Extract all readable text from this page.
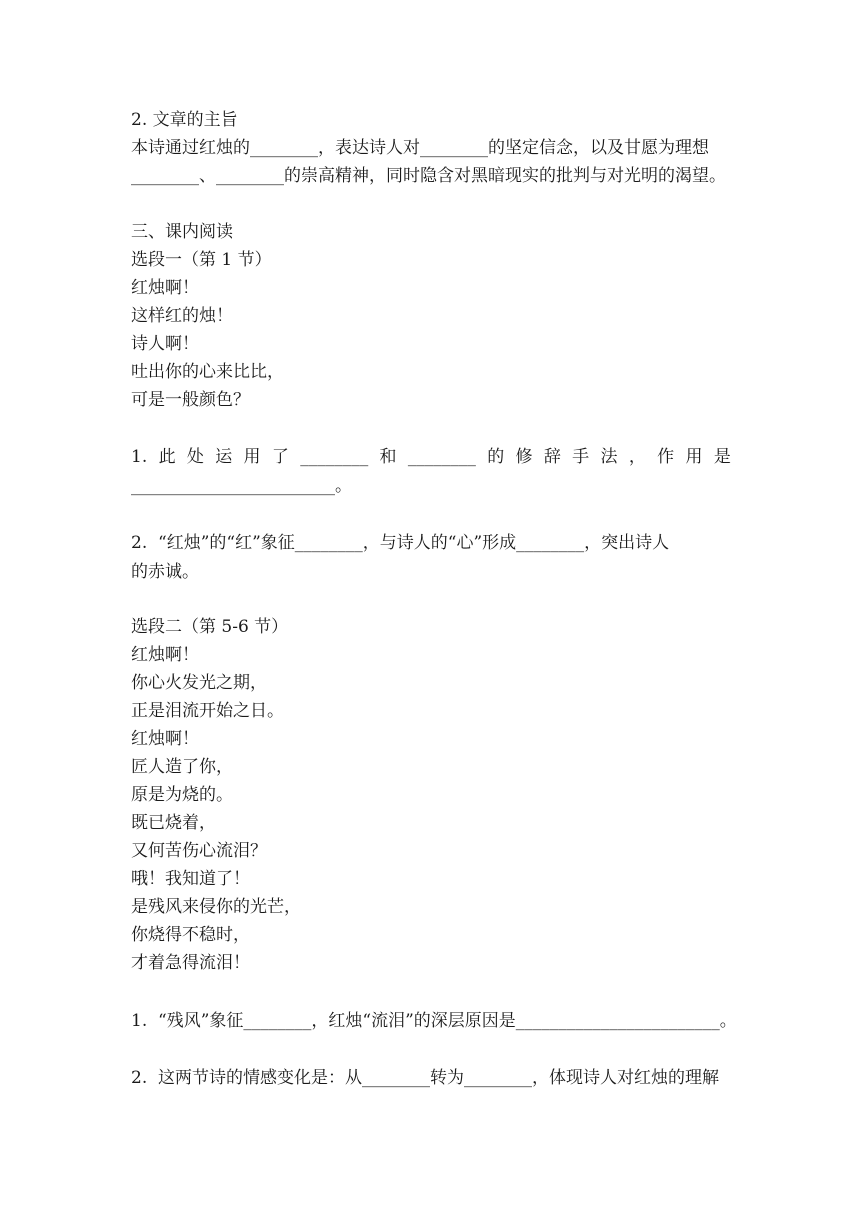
2. 文章的主旨
本诗通过红烛的________，表达诗人对________的坚定信念，以及甘愿为理想
________、________的崇高精神，同时隐含对黑暗现实的批判与对光明的渴望。
三、课内阅读
选段一（第 1 节）
红烛啊！
这样红的烛！
诗人啊！
吐出你的心来比比，
可是一般颜色？
1. 此 处 运 用 了 ________ 和 ________ 的 修 辞 手 法 ， 作 用 是
________________________。
2.  “红烛”的“红”象征________，与诗人的“心”形成________，突出诗人
的赤诚。
选段二（第 5-6 节）
红烛啊！
你心火发光之期，
正是泪流开始之日。
红烛啊！
匠人造了你，
原是为烧的。
既已烧着，
又何苦伤心流泪？
哦！我知道了！
是残风来侵你的光芒，
你烧得不稳时，
才着急得流泪！
1.  “残风”象征________，红烛“流泪”的深层原因是________________________。
2.  这两节诗的情感变化是：从________转为________，体现诗人对红烛的理解
